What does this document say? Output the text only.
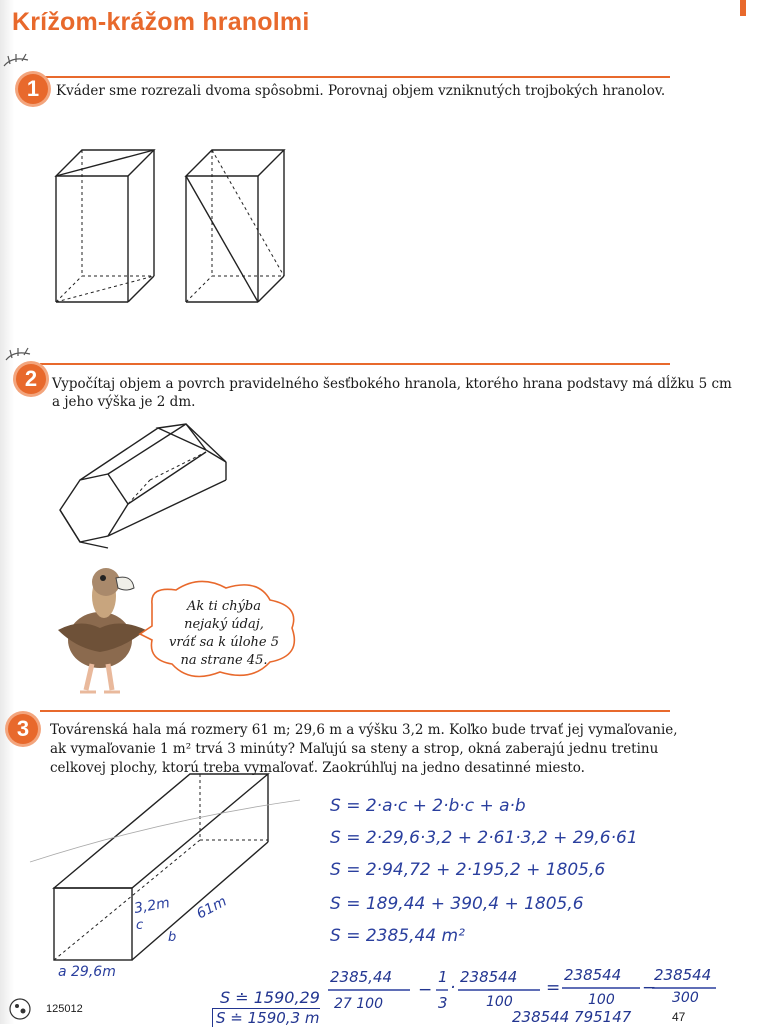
Krížom-krážom hranolmi
1	Kváder sme rozrezali dvoma spôsobmi. Porovnaj objem vzniknutých trojbokých hranolov.
2	Vypočítaj objem a povrch pravidelného šesťbokého hranola, ktorého hrana podstavy má dĺžku 5 cm
a jeho výška je 2 dm.
Ak ti chýba
nejaký údaj,
vráť sa k úlohe 5
na strane 45.
3	Továrenská hala má rozmery 61 m; 29,6 m a výšku 3,2 m. Koľko bude trvať jej vymaľovanie,
ak vymaľovanie 1 m² trvá 3 minúty? Maľujú sa steny a strop, okná zaberajú jednu tretinu
celkovej plochy, ktorú treba vymaľovať. Zaokrúhľuj na jedno desatinné miesto.
3,2m 61m
c
b
a 29,6m
S = 2·a·c + 2·b·c + a·b
S = 2·29,6·3,2 + 2·61·3,2 + 29,6·61
S = 2·94,72 + 2·195,2 + 1805,6
S = 189,44 + 390,4 + 1805,6
S = 2385,44 m²
S ≐ 1590,29
S ≐ 1590,3 m
2385,44
27 100
−
1
3
·
238544
100
=
238544
100
−
238544
300
238544 795147
125012
47
